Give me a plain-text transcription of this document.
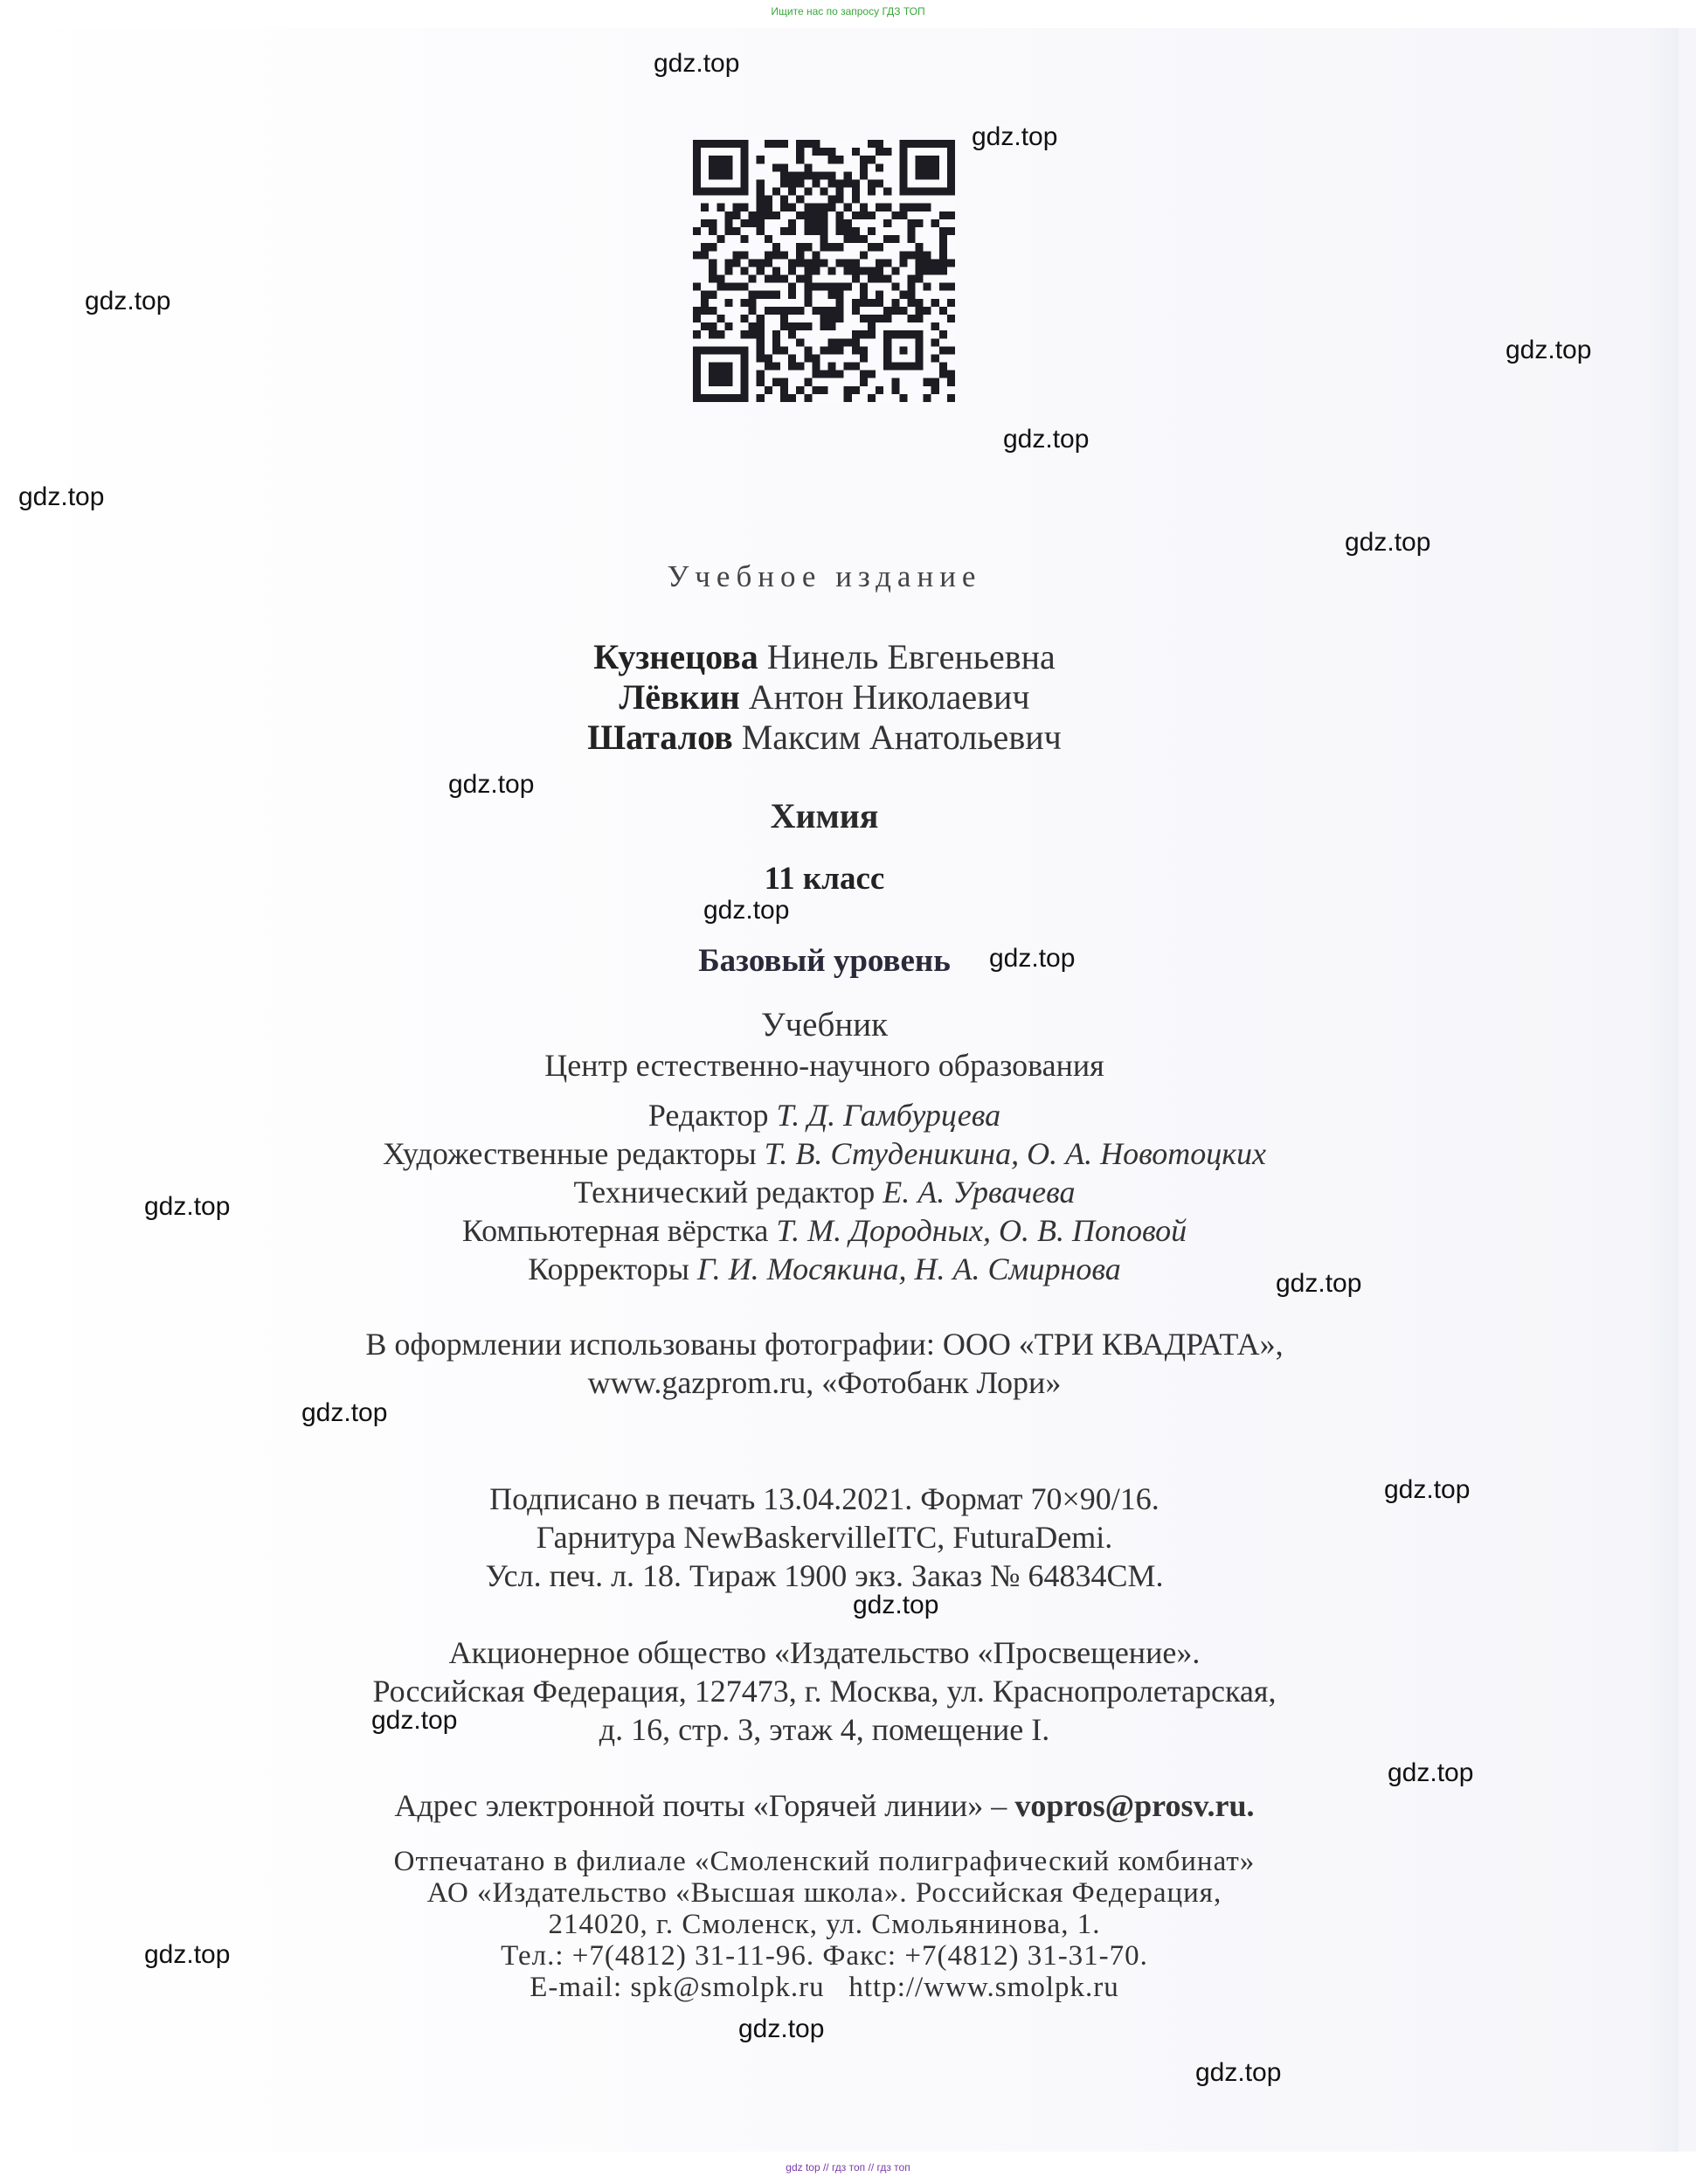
Ищите нас по запросу ГДЗ ТОП
gdz.top
gdz.top
gdz.top
gdz.top
gdz.top
gdz.top
gdz.top
gdz.top
gdz.top
gdz.top
gdz.top
gdz.top
gdz.top
gdz.top
gdz.top
gdz.top
gdz.top
gdz.top
gdz.top
gdz.top
Учебное издание
Кузнецова Нинель Евгеньевна
Лёвкин Антон Николаевич
Шаталов Максим Анатольевич
Химия
11 класс
Базовый уровень
Учебник
Центр естественно-научного образования
Редактор Т. Д. Гамбурцева
Художественные редакторы Т. В. Студеникина, О. А. Новотоцких
Технический редактор Е. А. Урвачева
Компьютерная вёрстка Т. М. Дородных, О. В. Поповой
Корректоры Г. И. Мосякина, Н. А. Смирнова
В оформлении использованы фотографии: ООО «ТРИ КВАДРАТА»,
www.gazprom.ru, «Фотобанк Лори»
Подписано в печать 13.04.2021. Формат 70×90/16.
Гарнитура NewBaskervilleITC, FuturaDemi.
Усл. печ. л. 18. Тираж 1900 экз. Заказ № 64834СМ.
Акционерное общество «Издательство «Просвещение».
Российская Федерация, 127473, г. Москва, ул. Краснопролетарская,
д. 16, стр. 3, этаж 4, помещение I.
Адрес электронной почты «Горячей линии» – vopros@prosv.ru.
Отпечатано в филиале «Смоленский полиграфический комбинат»
АО «Издательство «Высшая школа». Российская Федерация,
214020, г. Смоленск, ул. Смольянинова, 1.
Тел.: +7(4812) 31-11-96. Факс: +7(4812) 31-31-70.
E-mail: spk@smolpk.ru   http://www.smolpk.ru
gdz top // гдз топ // гдз топ
